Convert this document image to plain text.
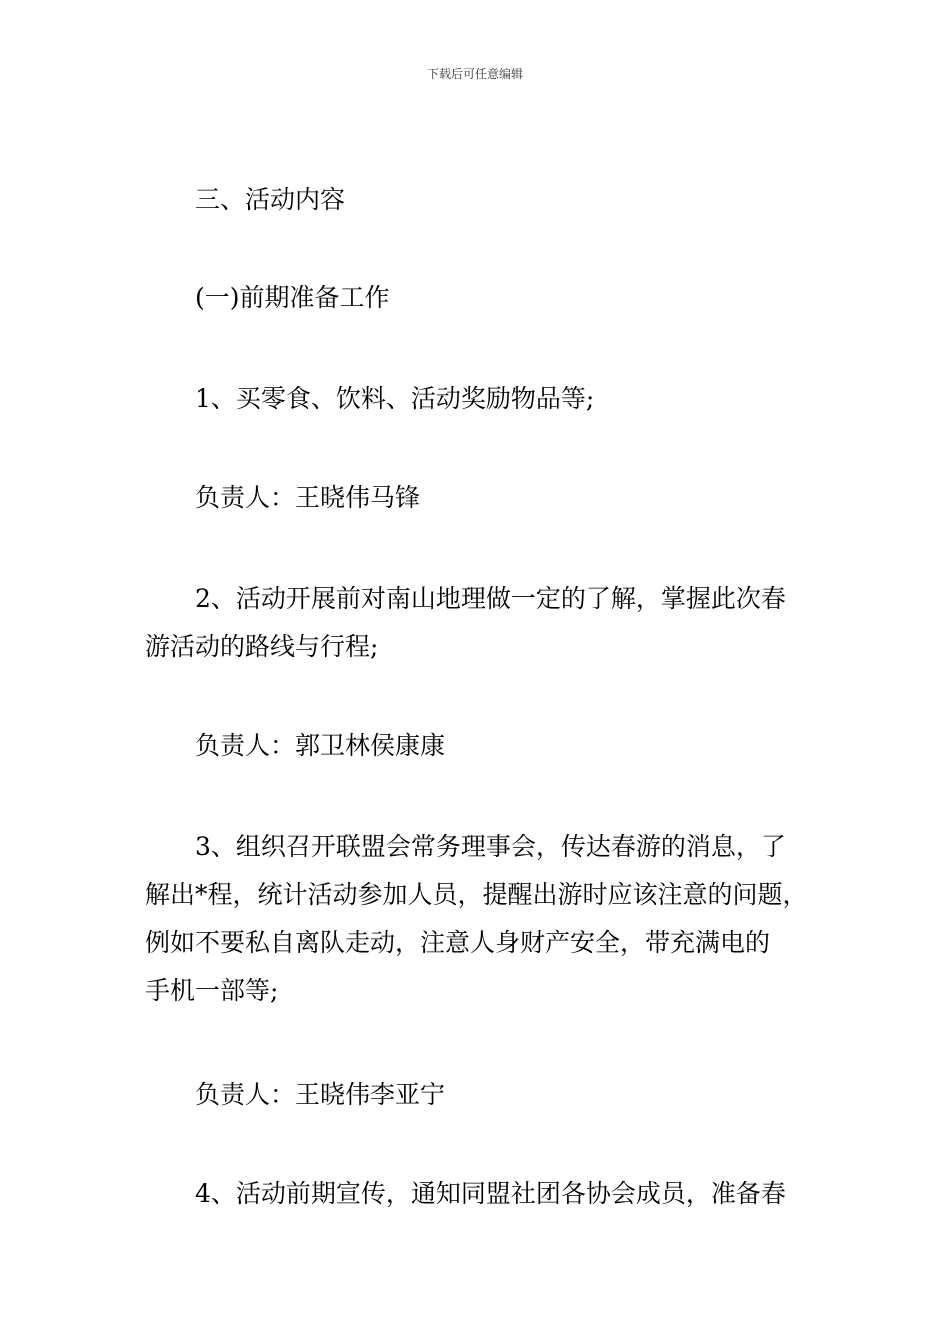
下载后可任意编辑

三、活动内容

(一)前期准备工作

1、买零食、饮料、活动奖励物品等;

负责人：王晓伟马锋

2、活动开展前对南山地理做一定的了解，掌握此次春
游活动的路线与行程;

负责人：郭卫林侯康康

3、组织召开联盟会常务理事会，传达春游的消息，了
解出*程，统计活动参加人员，提醒出游时应该注意的问题，
例如不要私自离队走动，注意人身财产安全，带充满电的
手机一部等;

负责人：王晓伟李亚宁

4、活动前期宣传，通知同盟社团各协会成员，准备春
